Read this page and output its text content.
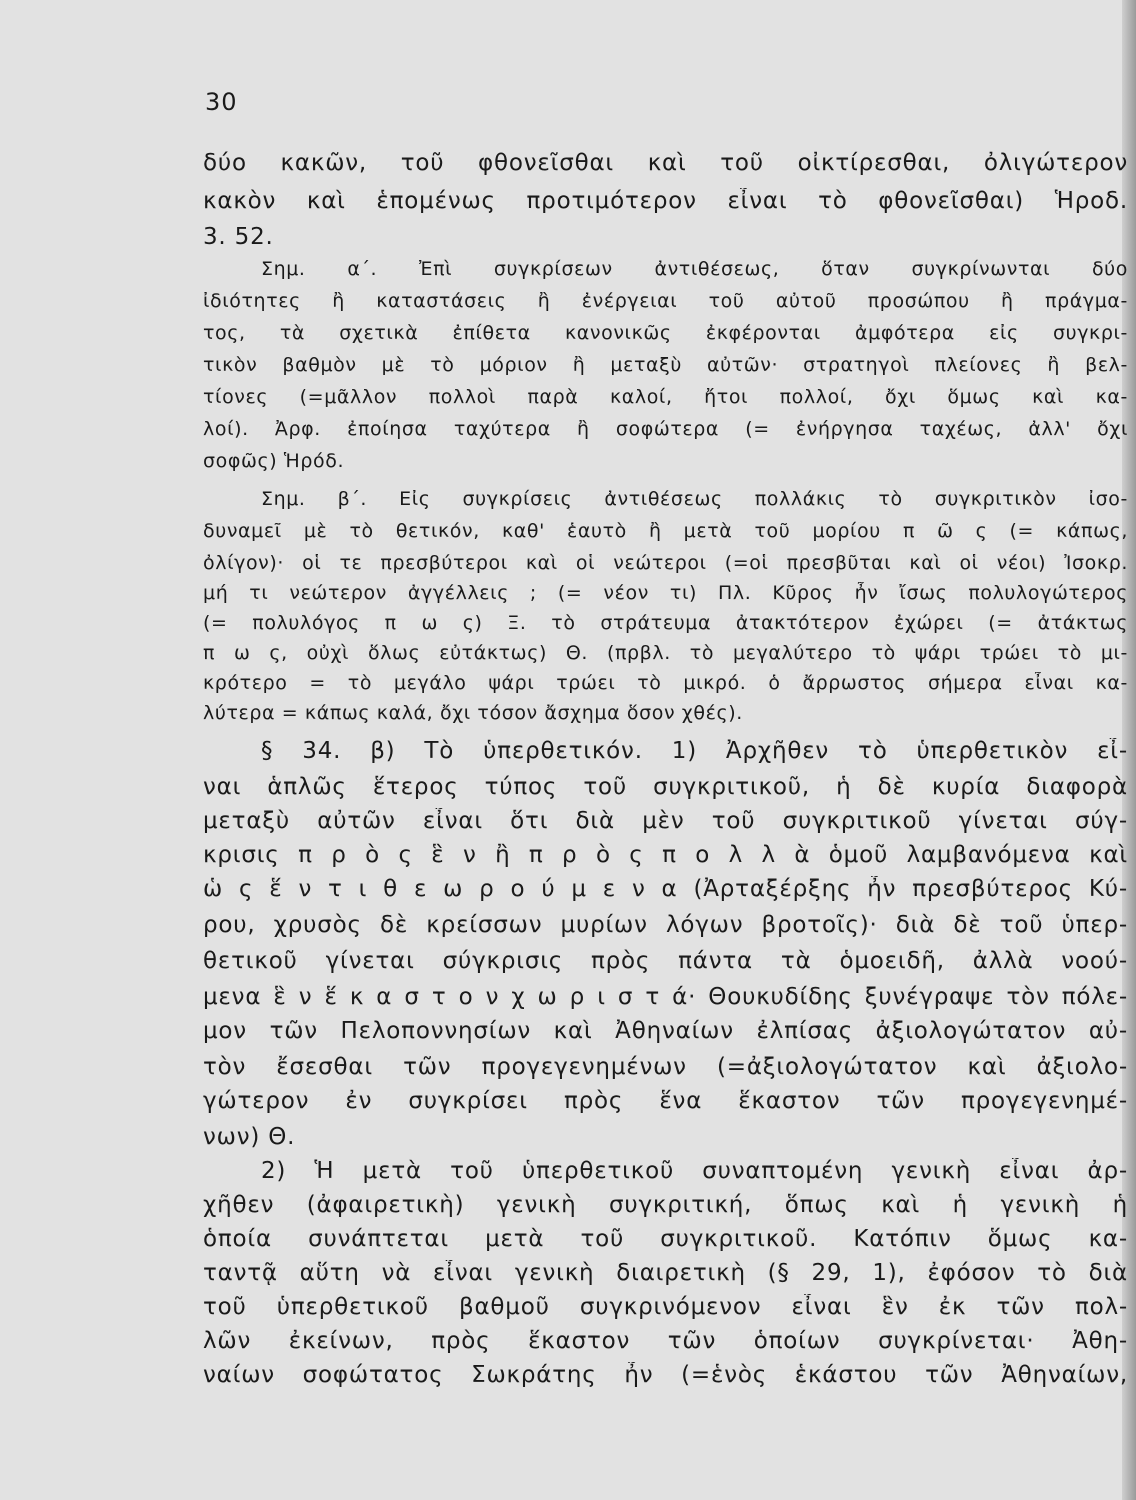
30
δύο κακῶν, τοῦ φθονεῖσθαι καὶ τοῦ οἰκτίρεσθαι, ὀλιγώτερον
κακὸν καὶ ἑπομένως προτιμότερον εἶναι τὸ φθονεῖσθαι) Ἡροδ.
3. 52.
Σημ. α΄. Ἐπὶ συγκρίσεων ἀντιθέσεως, ὅταν συγκρίνωνται δύο
ἰδιότητες ἢ καταστάσεις ἢ ἐνέργειαι τοῦ αὐτοῦ προσώπου ἢ πράγμα-
τος, τὰ σχετικὰ ἐπίθετα κανονικῶς ἐκφέρονται ἀμφότερα εἰς συγκρι-
τικὸν βαθμὸν μὲ τὸ μόριον ἢ μεταξὺ αὐτῶν· στρατηγοὶ πλείονες ἢ βελ-
τίονες (=μᾶλλον πολλοὶ παρὰ καλοί, ἤτοι πολλοί, ὄχι ὅμως καὶ κα-
λοί). Ἀρφ. ἐποίησα ταχύτερα ἢ σοφώτερα (= ἐνήργησα ταχέως, ἀλλ' ὄχι
σοφῶς) Ἡρόδ.
Σημ. β΄. Εἰς συγκρίσεις ἀντιθέσεως πολλάκις τὸ συγκριτικὸν ἰσο-
δυναμεῖ μὲ τὸ θετικόν, καθ' ἑαυτὸ ἢ μετὰ τοῦ μορίου π ῶ ς (= κάπως,
ὀλίγον)· οἱ τε πρεσβύτεροι καὶ οἱ νεώτεροι (=οἱ πρεσβῦται καὶ οἱ νέοι) Ἰσοκρ.
μή τι νεώτερον ἀγγέλλεις ; (= νέον τι) Πλ. Κῦρος ἦν ἴσως πολυλογώτερος
(= πολυλόγος π ω ς) Ξ. τὸ στράτευμα ἀτακτότερον ἐχώρει (= ἀτάκτως
π ω ς, οὐχὶ ὅλως εὐτάκτως) Θ. (πρβλ. τὸ μεγαλύτερο τὸ ψάρι τρώει τὸ μι-
κρότερο = τὸ μεγάλο ψάρι τρώει τὸ μικρό. ὁ ἄρρωστος σήμερα εἶναι κα-
λύτερα = κάπως καλά, ὄχι τόσον ἄσχημα ὅσον χθές).
§ 34. β) Τὸ ὑπερθετικόν. 1) Ἀρχῆθεν τὸ ὑπερθετικὸν εἶ-
ναι ἁπλῶς ἕτερος τύπος τοῦ συγκριτικοῦ, ἡ δὲ κυρία διαφορὰ
μεταξὺ αὐτῶν εἶναι ὅτι διὰ μὲν τοῦ συγκριτικοῦ γίνεται σύγ-
κρισις π ρ ὸ ς ἓ ν ἢ π ρ ὸ ς π ο λ λ ὰ ὁμοῦ λαμβανόμενα καὶ
ὡ ς ἕ ν τ ι θ ε ω ρ ο ύ μ ε ν α (Ἀρταξέρξης ἦν πρεσβύτερος Κύ-
ρου, χρυσὸς δὲ κρείσσων μυρίων λόγων βροτοῖς)· διὰ δὲ τοῦ ὑπερ-
θετικοῦ γίνεται σύγκρισις πρὸς πάντα τὰ ὁμοειδῆ, ἀλλὰ νοού-
μενα ἓ ν ἕ κ α σ τ ο ν χ ω ρ ι σ τ ά· Θουκυδίδης ξυνέγραψε τὸν πόλε-
μον τῶν Πελοποννησίων καὶ Ἀθηναίων ἐλπίσας ἀξιολογώτατον αὐ-
τὸν ἔσεσθαι τῶν προγεγενημένων (=ἀξιολογώτατον καὶ ἀξιολο-
γώτερον ἐν συγκρίσει πρὸς ἕνα ἕκαστον τῶν προγεγενημέ-
νων) Θ.
2) Ἡ μετὰ τοῦ ὑπερθετικοῦ συναπτομένη γενικὴ εἶναι ἀρ-
χῆθεν (ἀφαιρετικὴ) γενικὴ συγκριτική, ὅπως καὶ ἡ γενικὴ ἡ
ὁποία συνάπτεται μετὰ τοῦ συγκριτικοῦ. Κατόπιν ὅμως κα-
ταντᾷ αὕτη νὰ εἶναι γενικὴ διαιρετικὴ (§ 29, 1), ἐφόσον τὸ διὰ
τοῦ ὑπερθετικοῦ βαθμοῦ συγκρινόμενον εἶναι ἓν ἐκ τῶν πολ-
λῶν ἐκείνων, πρὸς ἕκαστον τῶν ὁποίων συγκρίνεται· Ἀθη-
ναίων σοφώτατος Σωκράτης ἦν (=ἑνὸς ἑκάστου τῶν Ἀθηναίων,
